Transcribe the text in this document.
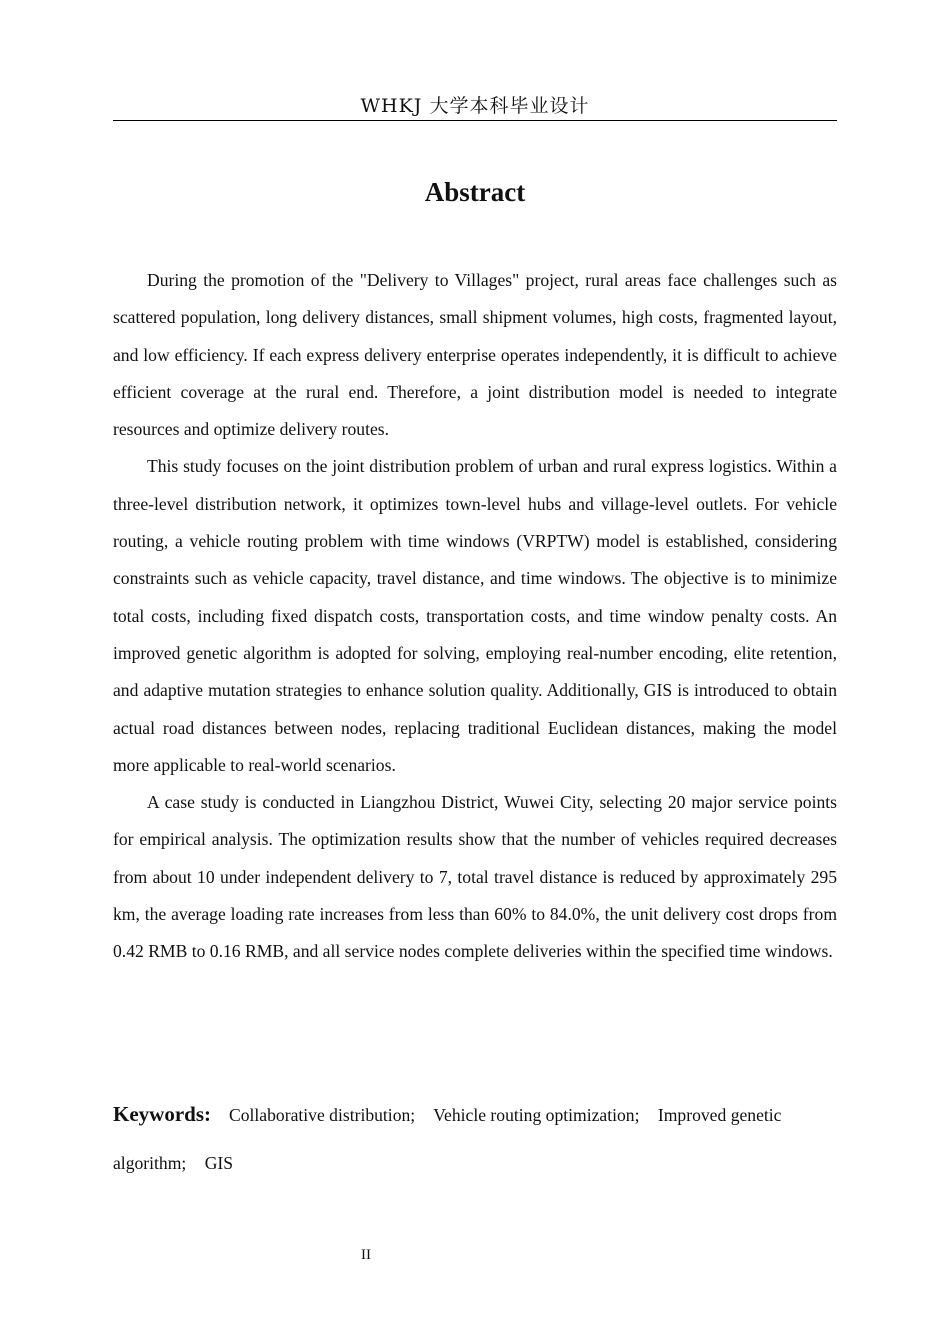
WHKJ 大学本科毕业设计
Abstract

During the promotion of the "Delivery to Villages" project, rural areas face challenges such as scattered population, long delivery distances, small shipment volumes, high costs, fragmented layout, and low efficiency. If each express delivery enterprise operates independently, it is difficult to achieve efficient coverage at the rural end. Therefore, a joint distribution model is needed to integrate resources and optimize delivery routes.

This study focuses on the joint distribution problem of urban and rural express logistics. Within a three-level distribution network, it optimizes town-level hubs and village-level outlets. For vehicle routing, a vehicle routing problem with time windows (VRPTW) model is established, considering constraints such as vehicle capacity, travel distance, and time windows. The objective is to minimize total costs, including fixed dispatch costs, transportation costs, and time window penalty costs. An improved genetic algorithm is adopted for solving, employing real-number encoding, elite retention, and adaptive mutation strategies to enhance solution quality. Additionally, GIS is introduced to obtain actual road distances between nodes, replacing traditional Euclidean distances, making the model more applicable to real-world scenarios.

A case study is conducted in Liangzhou District, Wuwei City, selecting 20 major service points for empirical analysis. The optimization results show that the number of vehicles required decreases from about 10 under independent delivery to 7, total travel distance is reduced by approximately 295 km, the average loading rate increases from less than 60% to 84.0%, the unit delivery cost drops from 0.42 RMB to 0.16 RMB, and all service nodes complete deliveries within the specified time windows.

Keywords: Collaborative distribution; Vehicle routing optimization; Improved genetic algorithm; GIS
II
